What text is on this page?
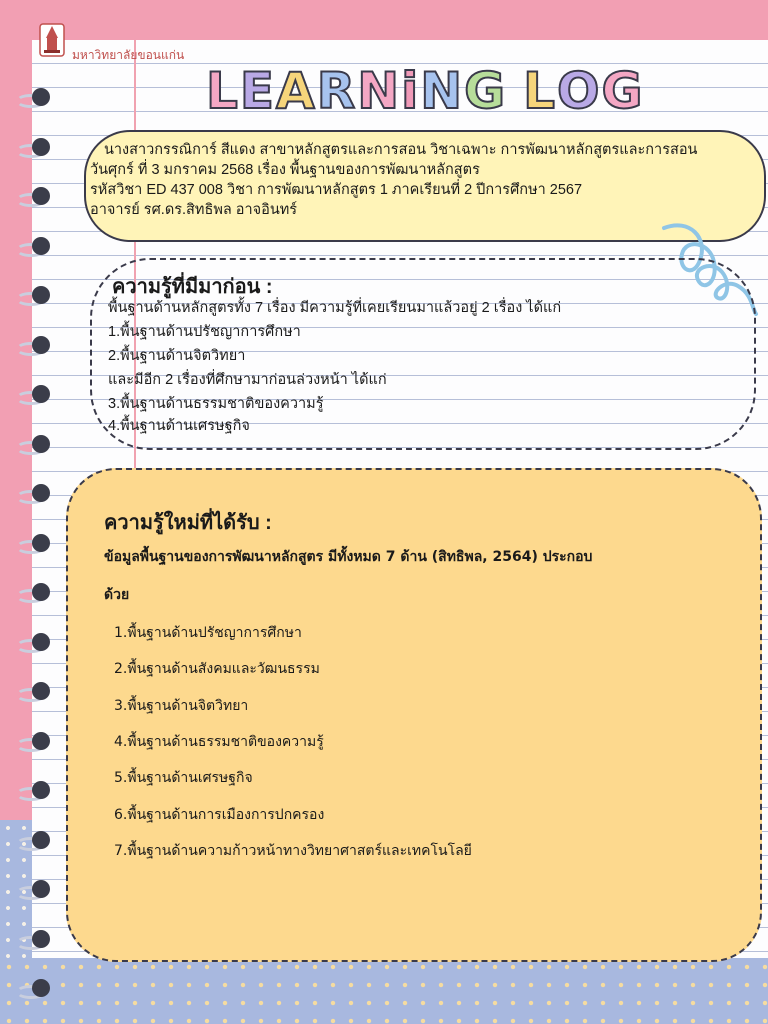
มหาวิทยาลัยขอนแก่น
L E A R N i N G L O G

นางสาวกรรณิการ์ สีแดง สาขาหลักสูตรและการสอน วิชาเฉพาะ การพัฒนาหลักสูตรและการสอน

วันศุกร์ ที่ 3 มกราคม 2568 เรื่อง พื้นฐานของการพัฒนาหลักสูตร

รหัสวิชา ED 437 008 วิชา การพัฒนาหลักสูตร 1 ภาคเรียนที่ 2 ปีการศึกษา 2567

อาจารย์ รศ.ดร.สิทธิพล อาจอินทร์

ความรู้ที่มีมาก่อน :
พื้นฐานด้านหลักสูตรทั้ง 7 เรื่อง มีความรู้ที่เคยเรียนมาแล้วอยู่ 2 เรื่อง ได้แก่
1.พื้นฐานด้านปรัชญาการศึกษา
2.พื้นฐานด้านจิตวิทยา
และมีอีก 2 เรื่องที่ศึกษามาก่อนล่วงหน้า ได้แก่
3.พื้นฐานด้านธรรมชาติของความรู้
4.พื้นฐานด้านเศรษฐกิจ
ความรู้ใหม่ที่ได้รับ :
ข้อมูลพื้นฐานของการพัฒนาหลักสูตร มีทั้งหมด 7 ด้าน (สิทธิพล, 2564) ประกอบ
ด้วย
1.พื้นฐานด้านปรัชญาการศึกษา
2.พื้นฐานด้านสังคมและวัฒนธรรม
3.พื้นฐานด้านจิตวิทยา
4.พื้นฐานด้านธรรมชาติของความรู้
5.พื้นฐานด้านเศรษฐกิจ
6.พื้นฐานด้านการเมืองการปกครอง
7.พื้นฐานด้านความก้าวหน้าทางวิทยาศาสตร์และเทคโนโลยี
